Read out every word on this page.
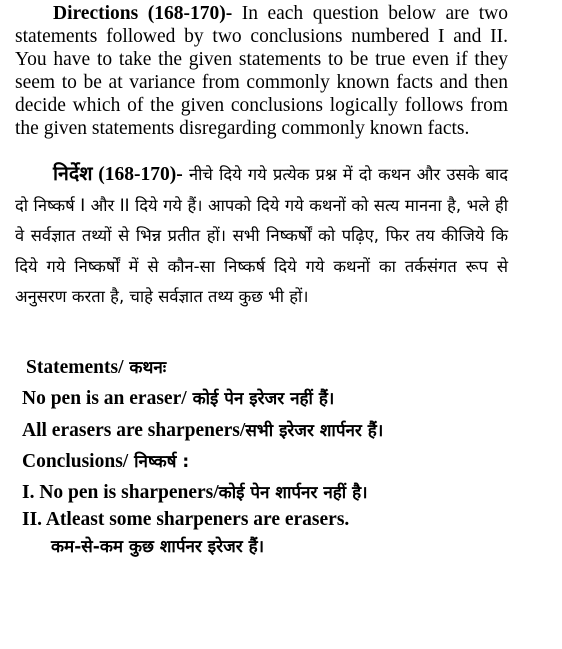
Directions (168-170)- In each question below are two statements followed by two conclusions numbered I and II. You have to take the given statements to be true even if they seem to be at variance from commonly known facts and then decide which of the given conclusions logically follows from the given statements disregarding commonly known facts.

निर्देश (168-170)- नीचे दिये गये प्रत्येक प्रश्न में दो कथन और उसके बाद दो निष्कर्ष I और II दिये गये हैं। आपको दिये गये कथनों को सत्य मानना है, भले ही वे सर्वज्ञात तथ्यों से भिन्न प्रतीत हों। सभी निष्कर्षों को पढ़िए, फिर तय कीजिये कि दिये गये निष्कर्षों में से कौन-सा निष्कर्ष दिये गये कथनों का तर्कसंगत रूप से अनुसरण करता है, चाहे सर्वज्ञात तथ्य कुछ भी हों।

Statements/ कथनः
No pen is an eraser/ कोई पेन इरेजर नहीं हैं।
All erasers are sharpeners/सभी इरेजर शार्पनर हैं।
Conclusions/ निष्कर्ष :
I. No pen is sharpeners/कोई पेन शार्पनर नहीं है।
II. Atleast some sharpeners are erasers.
कम-से-कम कुछ शार्पनर इरेजर हैं।
